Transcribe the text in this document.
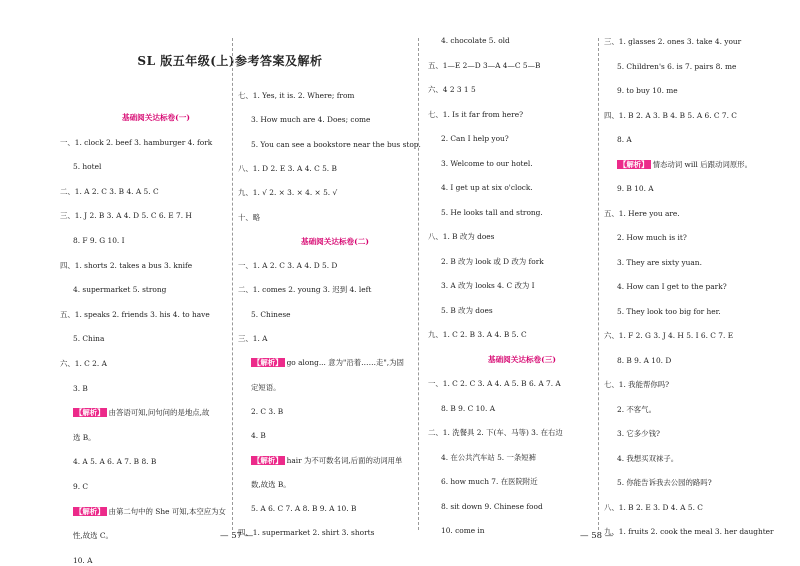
SL 版五年级(上)参考答案及解析
基础阅关达标卷(一)
一、1. clock 2. beef 3. hamburger 4. fork
5. hotel
二、1. A 2. C 3. B 4. A 5. C
三、1. J 2. B 3. A 4. D 5. C 6. E 7. H
8. F 9. G 10. I
四、1. shorts 2. takes a bus 3. knife
4. supermarket 5. strong
五、1. speaks 2. friends 3. his 4. to have
5. China
六、1. C 2. A
3. B
【解析】 由答语可知,问句问的是地点,故
选 B。
4. A 5. A 6. A 7. B 8. B
9. C
【解析】 由第二句中的 She 可知,本空应为女
性,故选 C。
10. A
七、1. Yes, it is. 2. Where; from
3. How much are 4. Does; come
5. You can see a bookstore near the bus stop.
八、1. D 2. E 3. A 4. C 5. B
九、1. √ 2. × 3. × 4. × 5. √
十、略
基础阅关达标卷(二)
一、1. A 2. C 3. A 4. D 5. D
二、1. comes 2. young 3. 迟到 4. left
5. Chinese
三、1. A
【解析】 go along... 意为"沿着……走",为固
定短语。
2. C 3. B
4. B
【解析】 hair 为不可数名词,后面的动词用单
数,故选 B。
5. A 6. C 7. A 8. B 9. A 10. B
四、1. supermarket 2. shirt 3. shorts
4. chocolate 5. old
五、1—E 2—D 3—A 4—C 5—B
六、4 2 3 1 5
七、1. Is it far from here?
2. Can I help you?
3. Welcome to our hotel.
4. I get up at six o'clock.
5. He looks tall and strong.
八、1. B 改为 does
2. B 改为 look 或 D 改为 fork
3. A 改为 looks 4. C 改为 I
5. B 改为 does
九、1. C 2. B 3. A 4. B 5. C
基础阅关达标卷(三)
一、1. C 2. C 3. A 4. A 5. B 6. A 7. A
8. B 9. C 10. A
二、1. 洗餐具 2. 下(车、马等) 3. 在右边
4. 在公共汽车站 5. 一条短裤
6. how much 7. 在医院附近
8. sit down 9. Chinese food
10. come in
三、1. glasses 2. ones 3. take 4. your
5. Children's 6. is 7. pairs 8. me
9. to buy 10. me
四、1. B 2. A 3. B 4. B 5. A 6. C 7. C
8. A
【解析】 情态动词 will 后跟动词原形。
9. B 10. A
五、1. Here you are.
2. How much is it?
3. They are sixty yuan.
4. How can I get to the park?
5. They look too big for her.
六、1. F 2. G 3. J 4. H 5. I 6. C 7. E
8. B 9. A 10. D
七、1. 我能帮你吗?
2. 不客气。
3. 它多少钱?
4. 我想买双袜子。
5. 你能告诉我去公园的路吗?
八、1. B 2. E 3. D 4. A 5. C
九、1. fruits 2. cook the meal 3. her daughter
— 57 —	— 58 —
